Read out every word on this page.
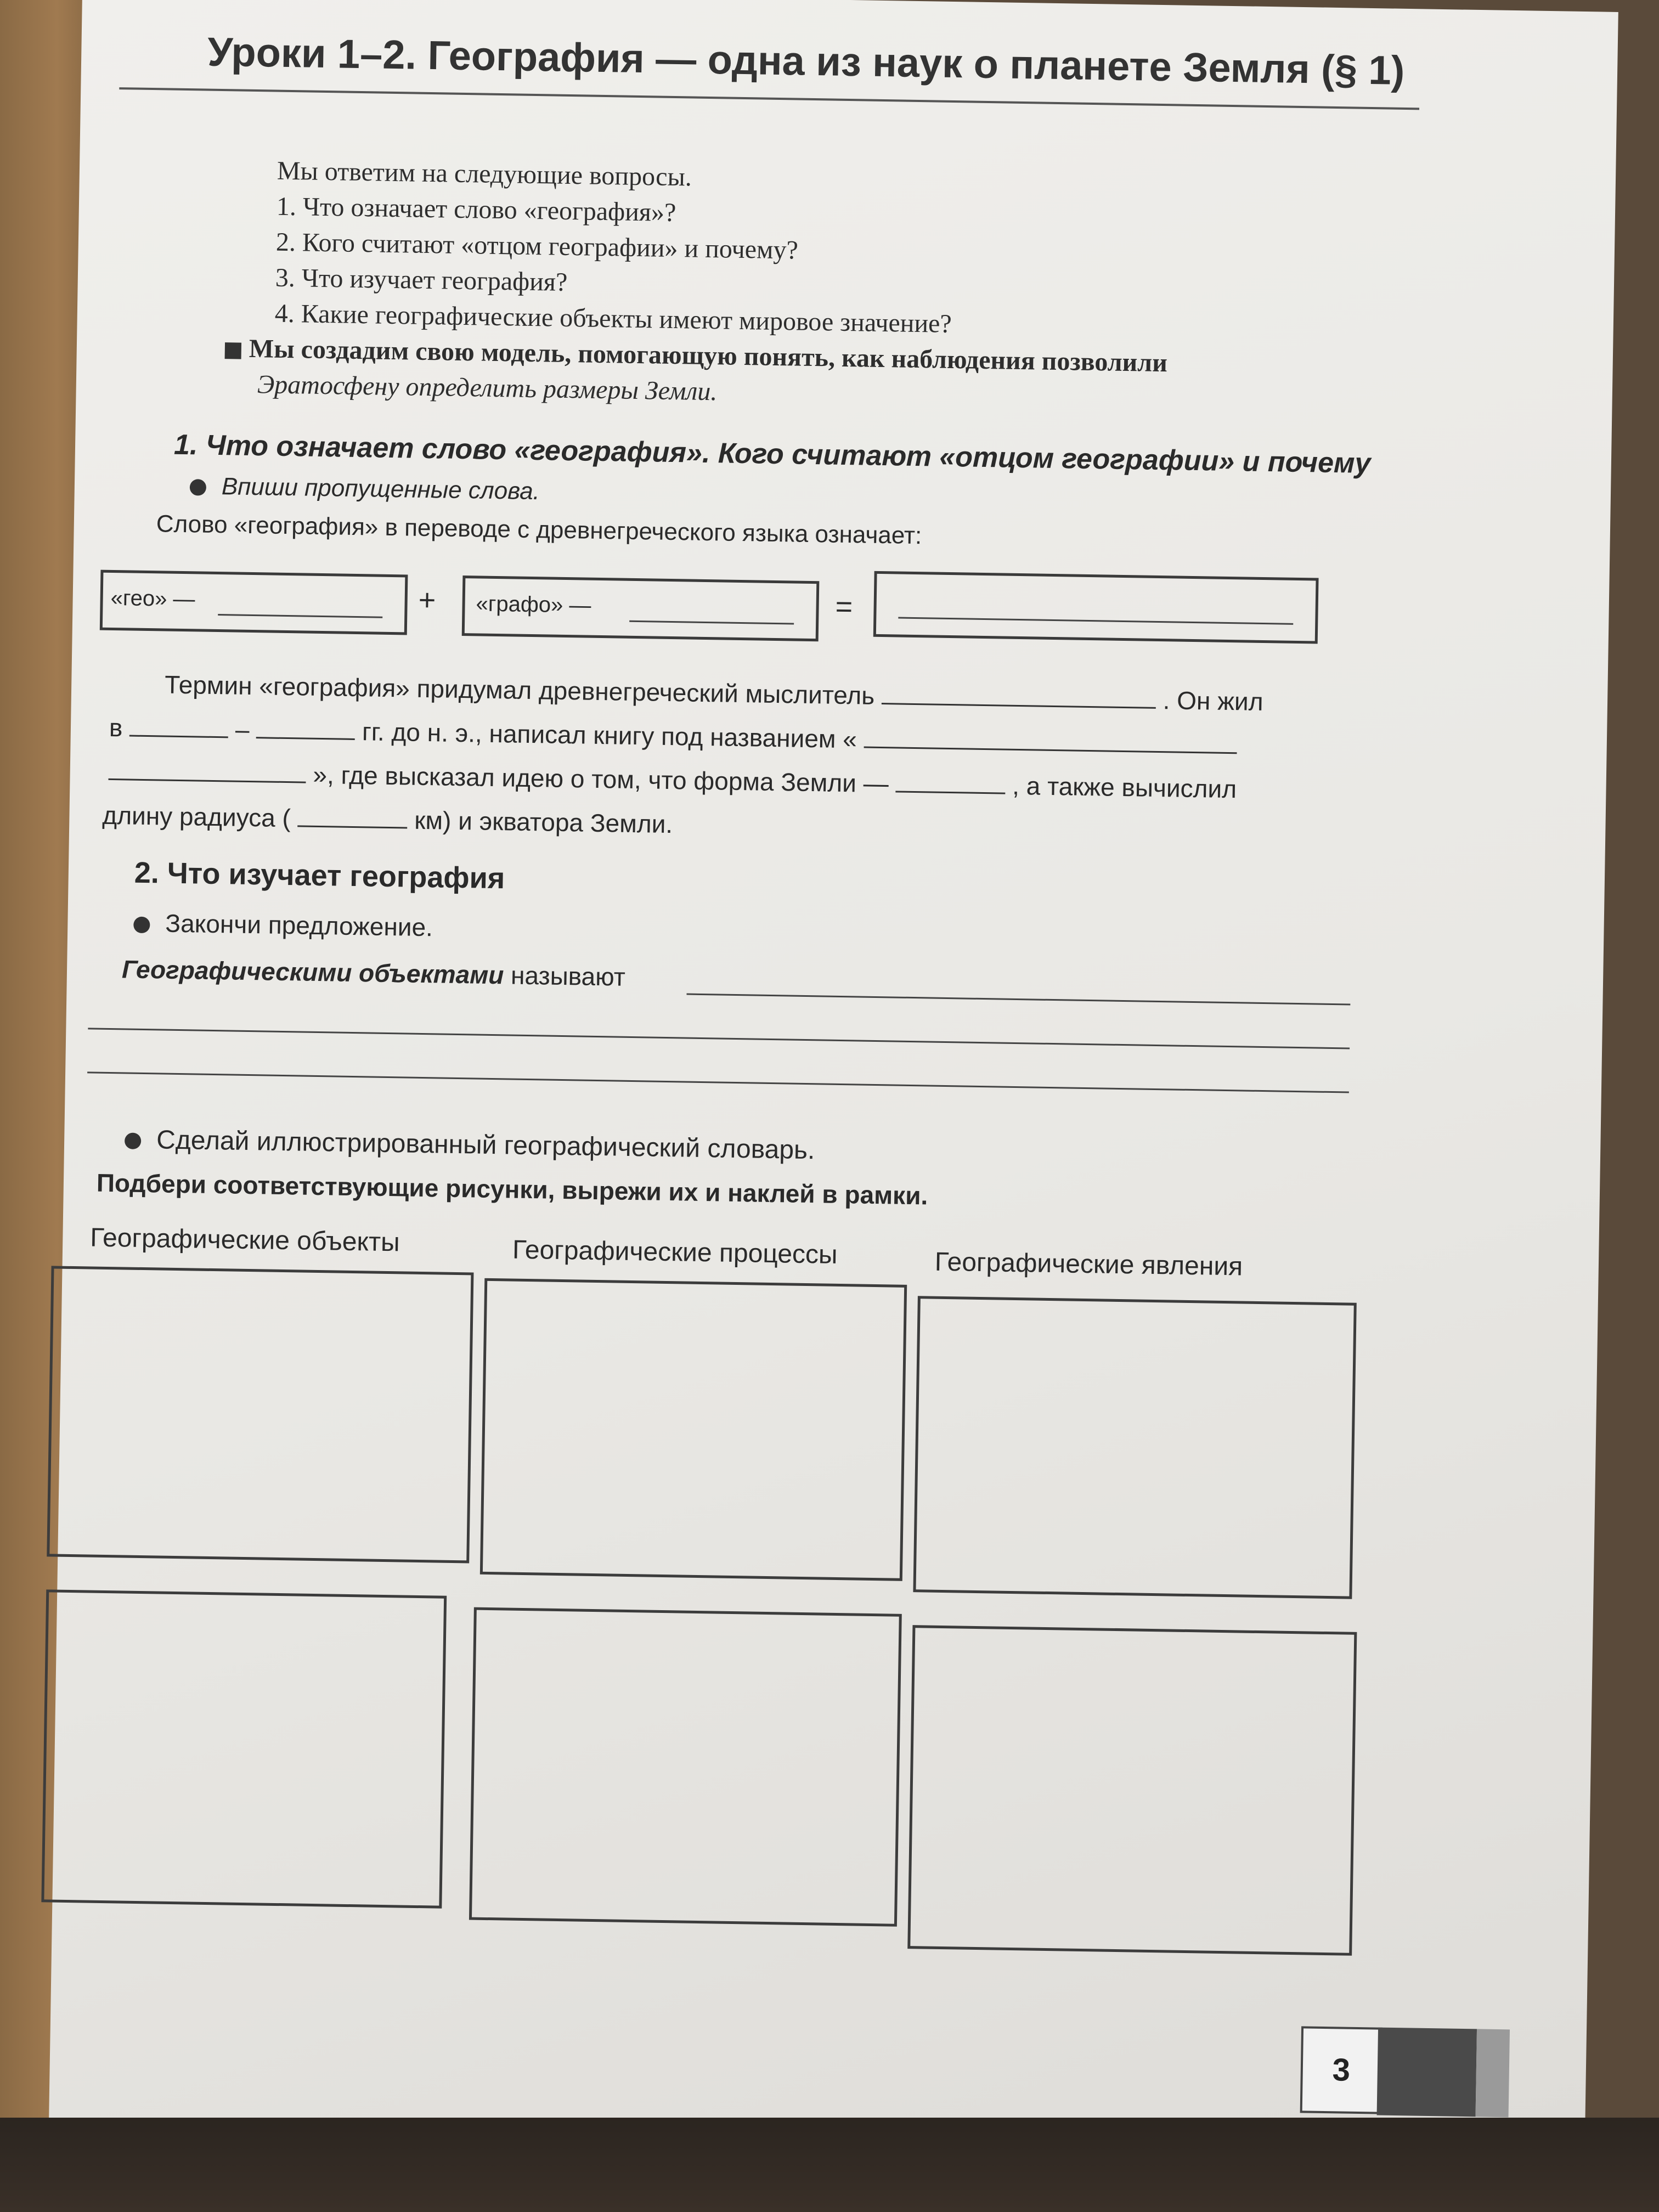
Уроки 1–2. География — одна из наук о планете Земля (§ 1)
Мы ответим на следующие вопросы.
1. Что означает слово «география»?
2. Кого считают «отцом географии» и почему?
3. Что изучает география?
4. Какие географические объекты имеют мировое значение?
Мы создадим свою модель, помогающую понять, как наблюдения позволили
Эратосфену определить размеры Земли.
1. Что означает слово «география». Кого считают «отцом географии» и почему
Впиши пропущенные слова.
Слово «география» в переводе с древнегреческого языка означает:
«гео» —	+ «графо» —	=
Термин «география» придумал древнегреческий мыслитель	. Он жил
в	–	гг. до н. э., написал книгу под названием «
», где высказал идею о том, что форма Земли —	, а также вычислил
длину радиуса (	км) и экватора Земли.
2. Что изучает география
Закончи предложение.
Географическими объектами называют
Сделай иллюстрированный географический словарь.
Подбери соответствующие рисунки, вырежи их и наклей в рамки.
Географические объекты	Географические процессы	Географические явления
3
